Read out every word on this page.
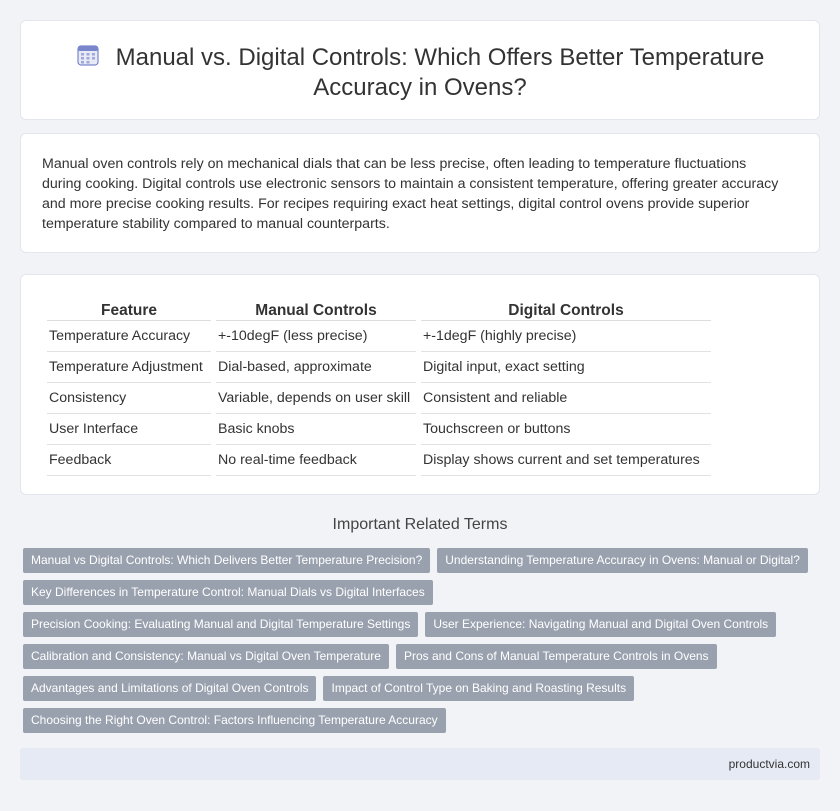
Manual vs. Digital Controls: Which Offers Better Temperature
Accuracy in Ovens?

Manual oven controls rely on mechanical dials that can be less precise, often leading to temperature fluctuations during cooking. Digital controls use electronic sensors to maintain a consistent temperature, offering greater accuracy and more precise cooking results. For recipes requiring exact heat settings, digital control ovens provide superior temperature stability compared to manual counterparts.

Feature	Manual Controls	Digital Controls
Temperature Accuracy	+-10degF (less precise)	+-1degF (highly precise)
Temperature Adjustment	Dial-based, approximate	Digital input, exact setting
Consistency	Variable, depends on user skill	Consistent and reliable
User Interface	Basic knobs	Touchscreen or buttons
Feedback	No real-time feedback	Display shows current and set temperatures
Important Related Terms
Manual vs Digital Controls: Which Delivers Better Temperature Precision?	Understanding Temperature Accuracy in Ovens: Manual or Digital?
Key Differences in Temperature Control: Manual Dials vs Digital Interfaces
Precision Cooking: Evaluating Manual and Digital Temperature Settings	User Experience: Navigating Manual and Digital Oven Controls
Calibration and Consistency: Manual vs Digital Oven Temperature	Pros and Cons of Manual Temperature Controls in Ovens
Advantages and Limitations of Digital Oven Controls	Impact of Control Type on Baking and Roasting Results
Choosing the Right Oven Control: Factors Influencing Temperature Accuracy
productvia.com
